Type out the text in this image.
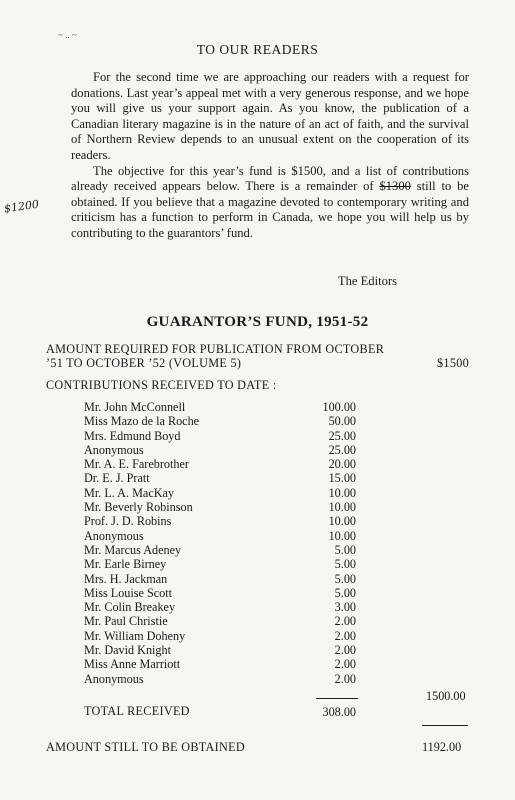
~ .. ~
TO OUR READERS

For the second time we are approaching our readers with a request for donations. Last year’s appeal met with a very generous response, and we hope you will give us your support again. As you know, the publication of a Canadian literary magazine is in the nature of an act of faith, and the survival of Northern Review depends to an unusual extent on the cooperation of its readers.

The objective for this year’s fund is $1500, and a list of contributions already received appears below. There is a remainder of $1300 still to be obtained. If you believe that a magazine devoted to contemporary writing and criticism has a function to perform in Canada, we hope you will help us by contributing to the guarantors’ fund.

$1200
The Editors
GUARANTOR’S FUND, 1951-52
AMOUNT REQUIRED FOR PUBLICATION FROM OCTOBER
’51 TO OCTOBER ’52 (VOLUME 5)	$1500
CONTRIBUTIONS RECEIVED TO DATE :
Mr. John McConnell	100.00
Miss Mazo de la Roche	50.00
Mrs. Edmund Boyd	25.00
Anonymous	25.00
Mr. A. E. Farebrother	20.00
Dr. E. J. Pratt	15.00
Mr. L. A. MacKay	10.00
Mr. Beverly Robinson	10.00
Prof. J. D. Robins	10.00
Anonymous	10.00
Mr. Marcus Adeney	5.00
Mr. Earle Birney	5.00
Mrs. H. Jackman	5.00
Miss Louise Scott	5.00
Mr. Colin Breakey	3.00
Mr. Paul Christie	2.00
Mr. William Doheny	2.00
Mr. David Knight	2.00
Miss Anne Marriott	2.00
Anonymous	2.00
1500.00
TOTAL RECEIVED	308.00
AMOUNT STILL TO BE OBTAINED	1192.00
